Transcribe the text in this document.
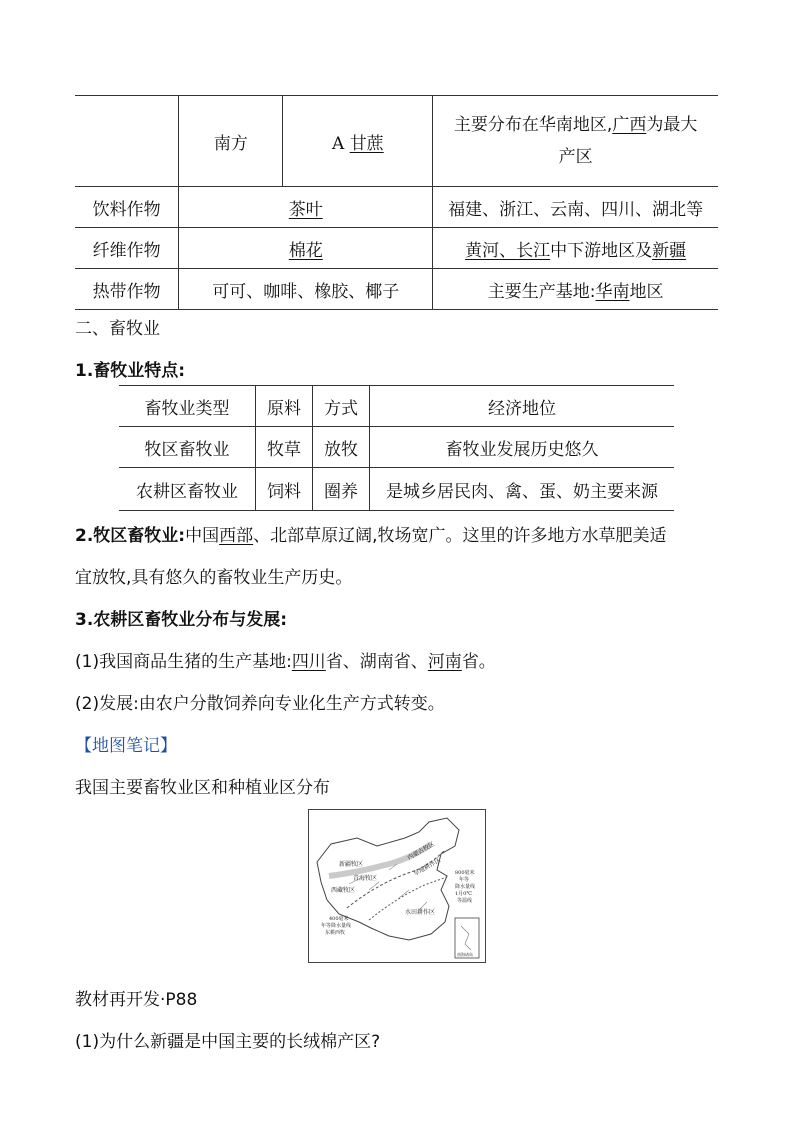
	南方	A 甘蔗	主要分布在华南地区,广西为最大
产区
饮料作物	茶叶		福建、浙江、云南、四川、湖北等
纤维作物	棉花		黄河、长江中下游地区及新疆
热带作物	可可、咖啡、橡胶、椰子		主要生产基地:华南地区
二、畜牧业
1.畜牧业特点:
畜牧业类型	原料	方式	经济地位
牧区畜牧业	牧草	放牧	畜牧业发展历史悠久
农耕区畜牧业	饲料	圈养	是城乡居民肉、禽、蛋、奶主要来源
2.牧区畜牧业:中国西部、北部草原辽阔,牧场宽广。这里的许多地方水草肥美适
宜放牧,具有悠久的畜牧业生产历史。
3.农耕区畜牧业分布与发展:
(1)我国商品生猪的生产基地:四川省、湖南省、河南省。
(2)发展:由农户分散饲养向专业化生产方式转变。
【地图笔记】
我国主要畜牧业区和种植业区分布
新疆牧区
内蒙古牧区
青海牧区
西藏牧区
旱地耕作区
水田耕作区
800毫米
年等
降水量线
1月0℃
等温线
400毫米
年等降水量线
东耕西牧
南海诸岛
教材再开发·P88
(1)为什么新疆是中国主要的长绒棉产区?
